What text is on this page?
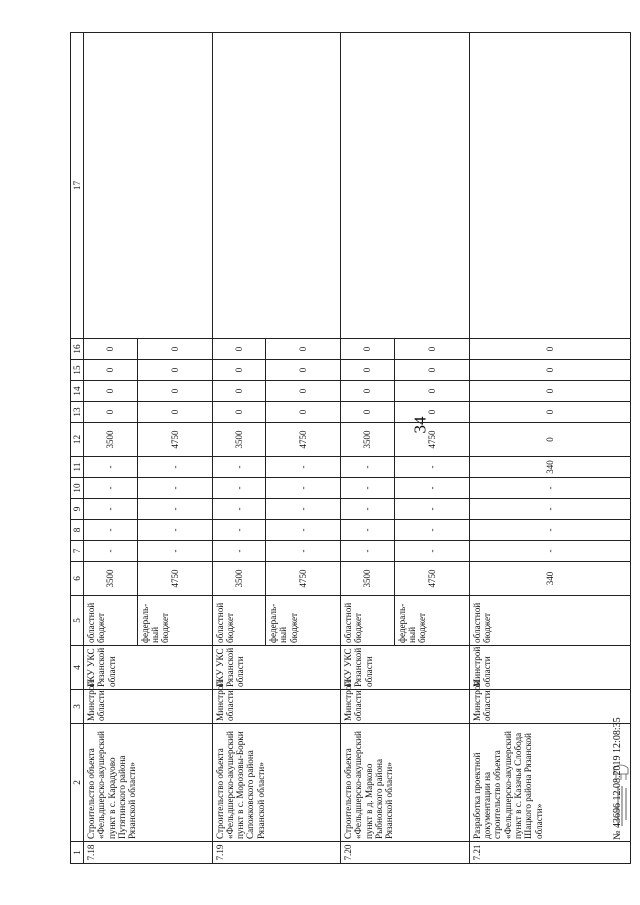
34
1	2	3	4	5	6	7	8	9	10	11	12	13	14	15	16	17
7.18	Строительство объекта «Фельдшерско-акушерский пункт в с. Карадуово Путятинского района Рязанской области»	Минстрой области	ГКУ УКС Рязанской области	областной бюджет	3500	-	-	-	-	-	3500	0	0	0	0	
				федераль-ный бюджет	4750	-	-	-	-	-	4750	0	0	0	0	
7.19	Строительство объекта «Фельдшерско-акушерский пункт в с. Морозовы-Борки Сапожковского района Рязанской области»	Минстрой области	ГКУ УКС Рязанской области	областной бюджет	3500	-	-	-	-	-	3500	0	0	0	0	
				федераль-ный бюджет	4750	-	-	-	-	-	4750	0	0	0	0	
7.20	Строительство объекта «Фельдшерско-акушерский пункт в д. Марково Рыбновского района Рязанской области»	Минстрой области	ГКУ УКС Рязанской области	областной бюджет	3500	-	-	-	-	-	3500	0	0	0	0	
				федераль-ный бюджет	4750	-	-	-	-	-	4750	0	0	0	0	
7.21	Разработка проектной документации на строительство объекта «Фельдшерско-акушерский пункт в с. Казачья Слобода Шацкого района Рязанской области»	Минстрой области	Минстрой области	областной бюджет	340	-	-	-	-	340	0	0	0	0	0	
№ 43696 12.08.2019 12:08:35
